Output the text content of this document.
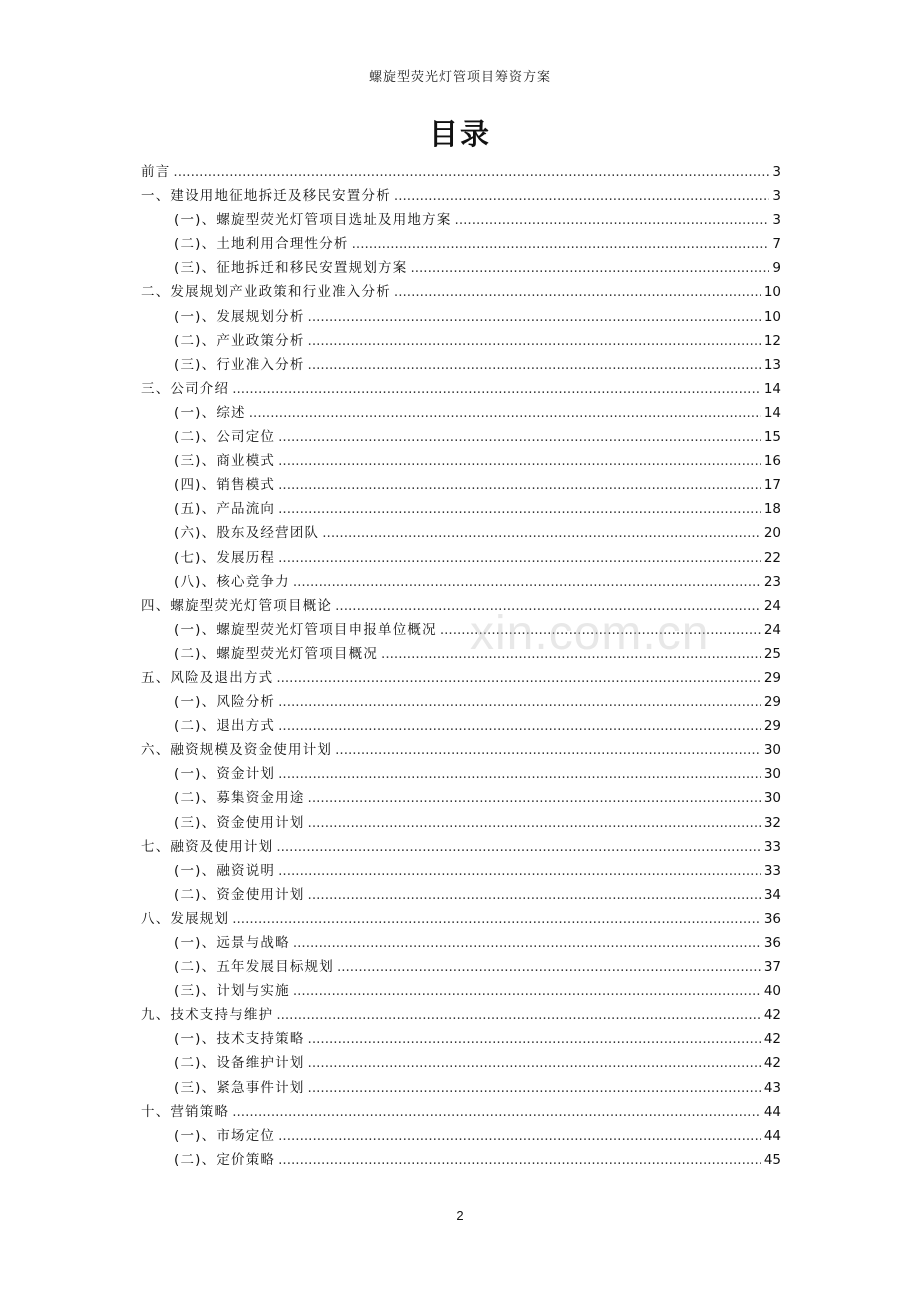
螺旋型荧光灯管项目筹资方案
目录
前言 .....	3
一、建设用地征地拆迁及移民安置分析 .....	3
(一)、螺旋型荧光灯管项目选址及用地方案 .....	3
(二)、土地利用合理性分析 .....	7
(三)、征地拆迁和移民安置规划方案 .....	9
二、发展规划产业政策和行业准入分析 .....	10
(一)、发展规划分析 .....	10
(二)、产业政策分析 .....	12
(三)、行业准入分析 .....	13
三、公司介绍 .....	14
(一)、综述 .....	14
(二)、公司定位 .....	15
(三)、商业模式 .....	16
(四)、销售模式 .....	17
(五)、产品流向 .....	18
(六)、股东及经营团队 .....	20
(七)、发展历程 .....	22
(八)、核心竞争力 .....	23
四、螺旋型荧光灯管项目概论 .....	24
(一)、螺旋型荧光灯管项目申报单位概况 .....	24
(二)、螺旋型荧光灯管项目概况 .....	25
五、风险及退出方式 .....	29
(一)、风险分析 .....	29
(二)、退出方式 .....	29
六、融资规模及资金使用计划 .....	30
(一)、资金计划 .....	30
(二)、募集资金用途 .....	30
(三)、资金使用计划 .....	32
七、融资及使用计划 .....	33
(一)、融资说明 .....	33
(二)、资金使用计划 .....	34
八、发展规划 .....	36
(一)、远景与战略 .....	36
(二)、五年发展目标规划 .....	37
(三)、计划与实施 .....	40
九、技术支持与维护 .....	42
(一)、技术支持策略 .....	42
(二)、设备维护计划 .....	42
(三)、紧急事件计划 .....	43
十、营销策略 .....	44
(一)、市场定位 .....	44
(二)、定价策略 .....	45
xin.com.cn
2
